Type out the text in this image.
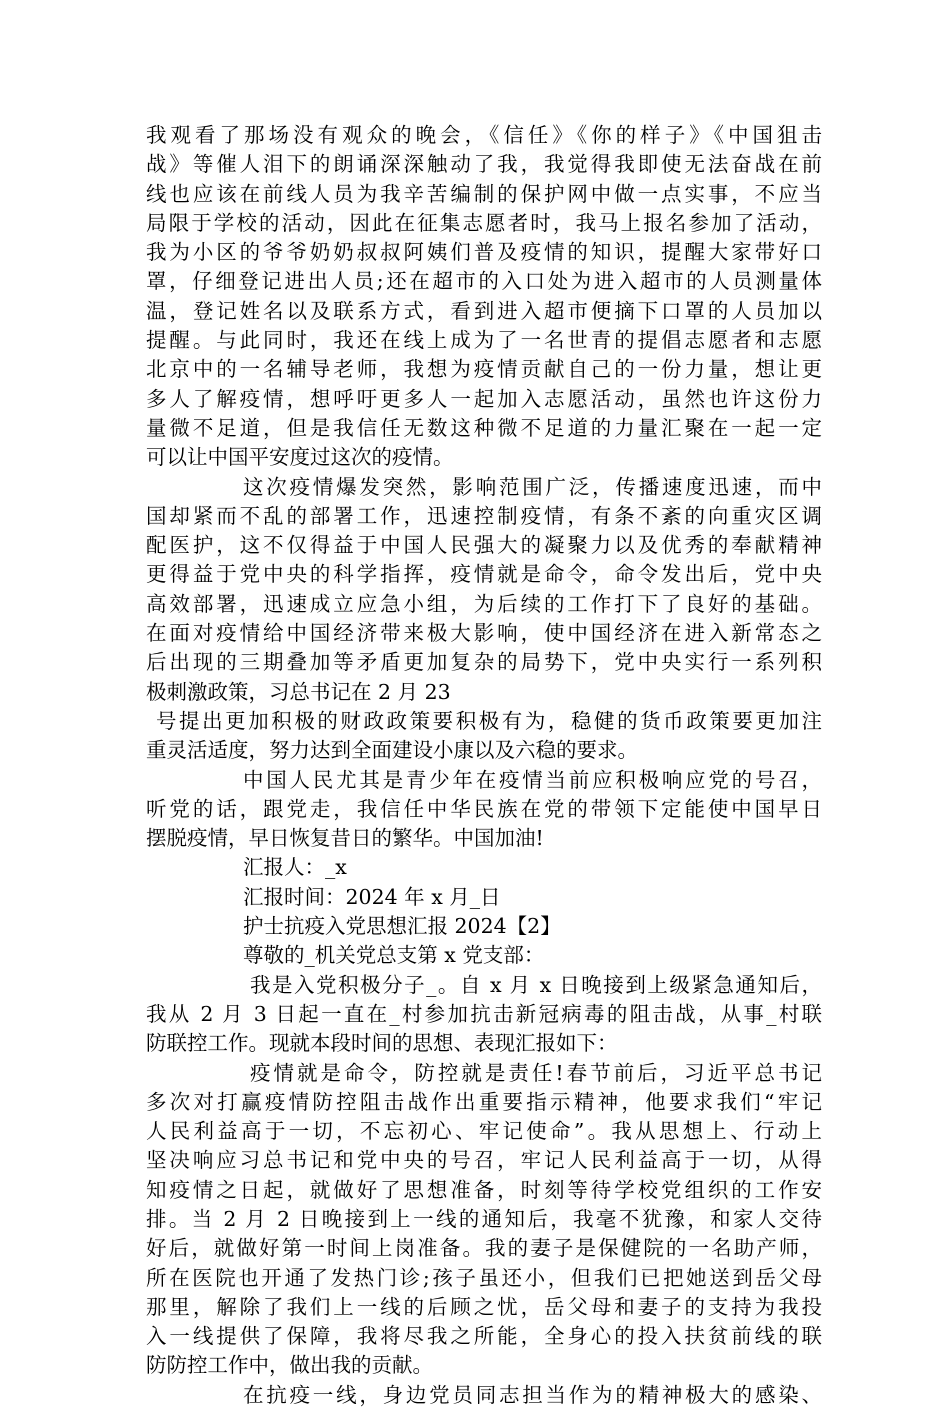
我观看了那场没有观众的晚会，《信任》《你的样子》《中国狙击
战》等催人泪下的朗诵深深触动了我，我觉得我即使无法奋战在前
线也应该在前线人员为我辛苦编制的保护网中做一点实事，不应当
局限于学校的活动，因此在征集志愿者时，我马上报名参加了活动，
我为小区的爷爷奶奶叔叔阿姨们普及疫情的知识，提醒大家带好口
罩，仔细登记进出人员;还在超市的入口处为进入超市的人员测量体
温，登记姓名以及联系方式，看到进入超市便摘下口罩的人员加以
提醒。与此同时，我还在线上成为了一名世青的提倡志愿者和志愿
北京中的一名辅导老师，我想为疫情贡献自己的一份力量，想让更
多人了解疫情，想呼吁更多人一起加入志愿活动，虽然也许这份力
量微不足道，但是我信任无数这种微不足道的力量汇聚在一起一定
可以让中国平安度过这次的疫情。
这次疫情爆发突然，影响范围广泛，传播速度迅速，而中
国却紧而不乱的部署工作，迅速控制疫情，有条不紊的向重灾区调
配医护，这不仅得益于中国人民强大的凝聚力以及优秀的奉献精神
更得益于党中央的科学指挥，疫情就是命令，命令发出后，党中央
高效部署，迅速成立应急小组，为后续的工作打下了良好的基础。
在面对疫情给中国经济带来极大影响，使中国经济在进入新常态之
后出现的三期叠加等矛盾更加复杂的局势下，党中央实行一系列积
极刺激政策，习总书记在 2 月 23
号提出更加积极的财政政策要积极有为，稳健的货币政策要更加注
重灵活适度，努力达到全面建设小康以及六稳的要求。
中国人民尤其是青少年在疫情当前应积极响应党的号召，
听党的话，跟党走，我信任中华民族在党的带领下定能使中国早日
摆脱疫情，早日恢复昔日的繁华。中国加油!
汇报人：_x
汇报时间：2024 年 x 月_日
护士抗疫入党思想汇报 2024【2】
尊敬的_机关党总支第 x 党支部：
我是入党积极分子_。自 x 月 x 日晚接到上级紧急通知后，
我从 2 月 3 日起一直在_村参加抗击新冠病毒的阻击战，从事_村联
防联控工作。现就本段时间的思想、表现汇报如下：
疫情就是命令，防控就是责任!春节前后，习近平总书记
多次对打赢疫情防控阻击战作出重要指示精神，他要求我们“牢记
人民利益高于一切，不忘初心、牢记使命”。我从思想上、行动上
坚决响应习总书记和党中央的号召，牢记人民利益高于一切，从得
知疫情之日起，就做好了思想准备，时刻等待学校党组织的工作安
排。当 2 月 2 日晚接到上一线的通知后，我毫不犹豫，和家人交待
好后，就做好第一时间上岗准备。我的妻子是保健院的一名助产师，
所在医院也开通了发热门诊;孩子虽还小，但我们已把她送到岳父母
那里，解除了我们上一线的后顾之忧，岳父母和妻子的支持为我投
入一线提供了保障，我将尽我之所能，全身心的投入扶贫前线的联
防防控工作中，做出我的贡献。
在抗疫一线，身边党员同志担当作为的精神极大的感染、
